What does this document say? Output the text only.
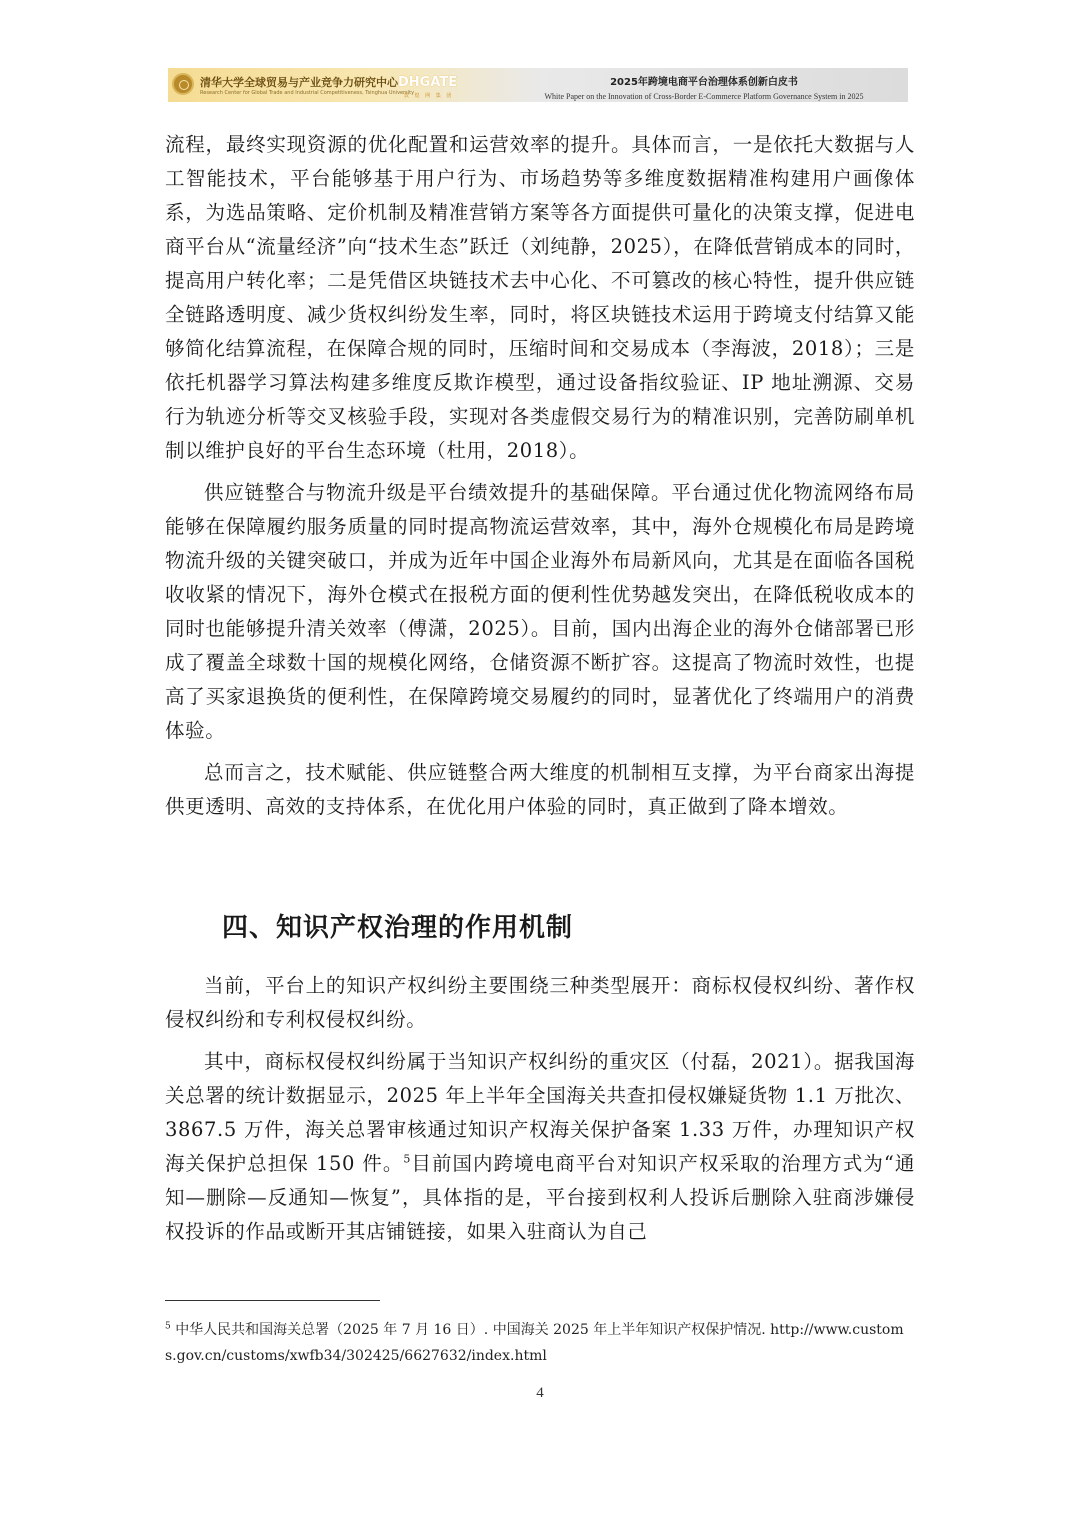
清华大学全球贸易与产业竞争力研究中心
Research Center for Global Trade and Industrial Competitiveness, Tsinghua University
DHGATE
敦 煌 网 集 团
2025年跨境电商平台治理体系创新白皮书
White Paper on the Innovation of Cross-Border E-Commerce Platform Governance System in 2025

流程，最终实现资源的优化配置和运营效率的提升。具体而言，一是依托大数据与人工智能技术，平台能够基于用户行为、市场趋势等多维度数据精准构建用户画像体系，为选品策略、定价机制及精准营销方案等各方面提供可量化的决策支撑，促进电商平台从“流量经济”向“技术生态”跃迁（刘纯静，2025），在降低营销成本的同时，提高用户转化率；二是凭借区块链技术去中心化、不可篡改的核心特性，提升供应链全链路透明度、减少货权纠纷发生率，同时，将区块链技术运用于跨境支付结算又能够简化结算流程，在保障合规的同时，压缩时间和交易成本（李海波，2018）；三是依托机器学习算法构建多维度反欺诈模型，通过设备指纹验证、IP 地址溯源、交易行为轨迹分析等交叉核验手段，实现对各类虚假交易行为的精准识别，完善防刷单机制以维护良好的平台生态环境（杜用，2018）。

供应链整合与物流升级是平台绩效提升的基础保障。平台通过优化物流网络布局能够在保障履约服务质量的同时提高物流运营效率，其中，海外仓规模化布局是跨境物流升级的关键突破口，并成为近年中国企业海外布局新风向，尤其是在面临各国税收收紧的情况下，海外仓模式在报税方面的便利性优势越发突出，在降低税收成本的同时也能够提升清关效率（傅潇，2025）。目前，国内出海企业的海外仓储部署已形成了覆盖全球数十国的规模化网络，仓储资源不断扩容。这提高了物流时效性，也提高了买家退换货的便利性，在保障跨境交易履约的同时，显著优化了终端用户的消费体验。

总而言之，技术赋能、供应链整合两大维度的机制相互支撑，为平台商家出海提供更透明、高效的支持体系，在优化用户体验的同时，真正做到了降本增效。

四、知识产权治理的作用机制

当前，平台上的知识产权纠纷主要围绕三种类型展开：商标权侵权纠纷、著作权侵权纠纷和专利权侵权纠纷。

其中，商标权侵权纠纷属于当知识产权纠纷的重灾区（付磊，2021）。据我国海关总署的统计数据显示，2025 年上半年全国海关共查扣侵权嫌疑货物 1.1 万批次、3867.5 万件，海关总署审核通过知识产权海关保护备案 1.33 万件，办理知识产权海关保护总担保 150 件。$^5$目前国内跨境电商平台对知识产权采取的治理方式为“通知—删除—反通知—恢复”，具体指的是，平台接到权利人投诉后删除入驻商涉嫌侵权投诉的作品或断开其店铺链接，如果入驻商认为自己

$^5$ 中华人民共和国海关总署（2025 年 7 月 16 日）. 中国海关 2025 年上半年知识产权保护情况. http://www.customs.gov.cn/customs/xwfb34/302425/6627632/index.html
4
